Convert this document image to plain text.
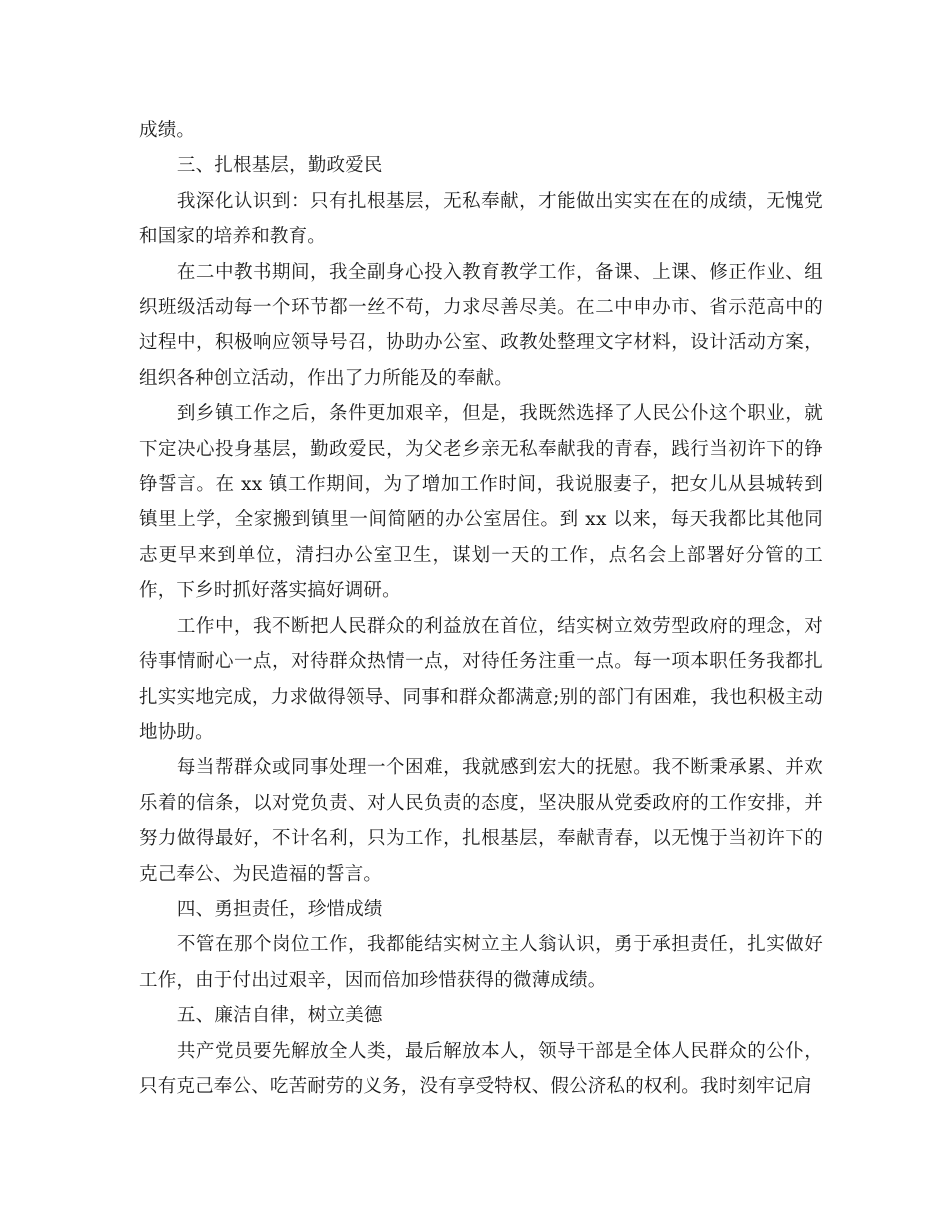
成绩。

三、扎根基层，勤政爱民

我深化认识到：只有扎根基层，无私奉献，才能做出实实在在的成绩，无愧党和国家的培养和教育。

在二中教书期间，我全副身心投入教育教学工作，备课、上课、修正作业、组织班级活动每一个环节都一丝不苟，力求尽善尽美。在二中申办市、省示范高中的过程中，积极响应领导号召，协助办公室、政教处整理文字材料，设计活动方案，组织各种创立活动，作出了力所能及的奉献。

到乡镇工作之后，条件更加艰辛，但是，我既然选择了人民公仆这个职业，就下定决心投身基层，勤政爱民，为父老乡亲无私奉献我的青春，践行当初许下的铮铮誓言。在 xx 镇工作期间，为了增加工作时间，我说服妻子，把女儿从县城转到镇里上学，全家搬到镇里一间简陋的办公室居住。到 xx 以来，每天我都比其他同志更早来到单位，清扫办公室卫生，谋划一天的工作，点名会上部署好分管的工作，下乡时抓好落实搞好调研。

工作中，我不断把人民群众的利益放在首位，结实树立效劳型政府的理念，对待事情耐心一点，对待群众热情一点，对待任务注重一点。每一项本职任务我都扎扎实实地完成，力求做得领导、同事和群众都满意;别的部门有困难，我也积极主动地协助。

每当帮群众或同事处理一个困难，我就感到宏大的抚慰。我不断秉承累、并欢乐着的信条，以对党负责、对人民负责的态度，坚决服从党委政府的工作安排，并努力做得最好，不计名利，只为工作，扎根基层，奉献青春，以无愧于当初许下的克己奉公、为民造福的誓言。

四、勇担责任，珍惜成绩

不管在那个岗位工作，我都能结实树立主人翁认识，勇于承担责任，扎实做好工作，由于付出过艰辛，因而倍加珍惜获得的微薄成绩。

五、廉洁自律，树立美德

共产党员要先解放全人类，最后解放本人，领导干部是全体人民群众的公仆，只有克己奉公、吃苦耐劳的义务，没有享受特权、假公济私的权利。我时刻牢记肩
